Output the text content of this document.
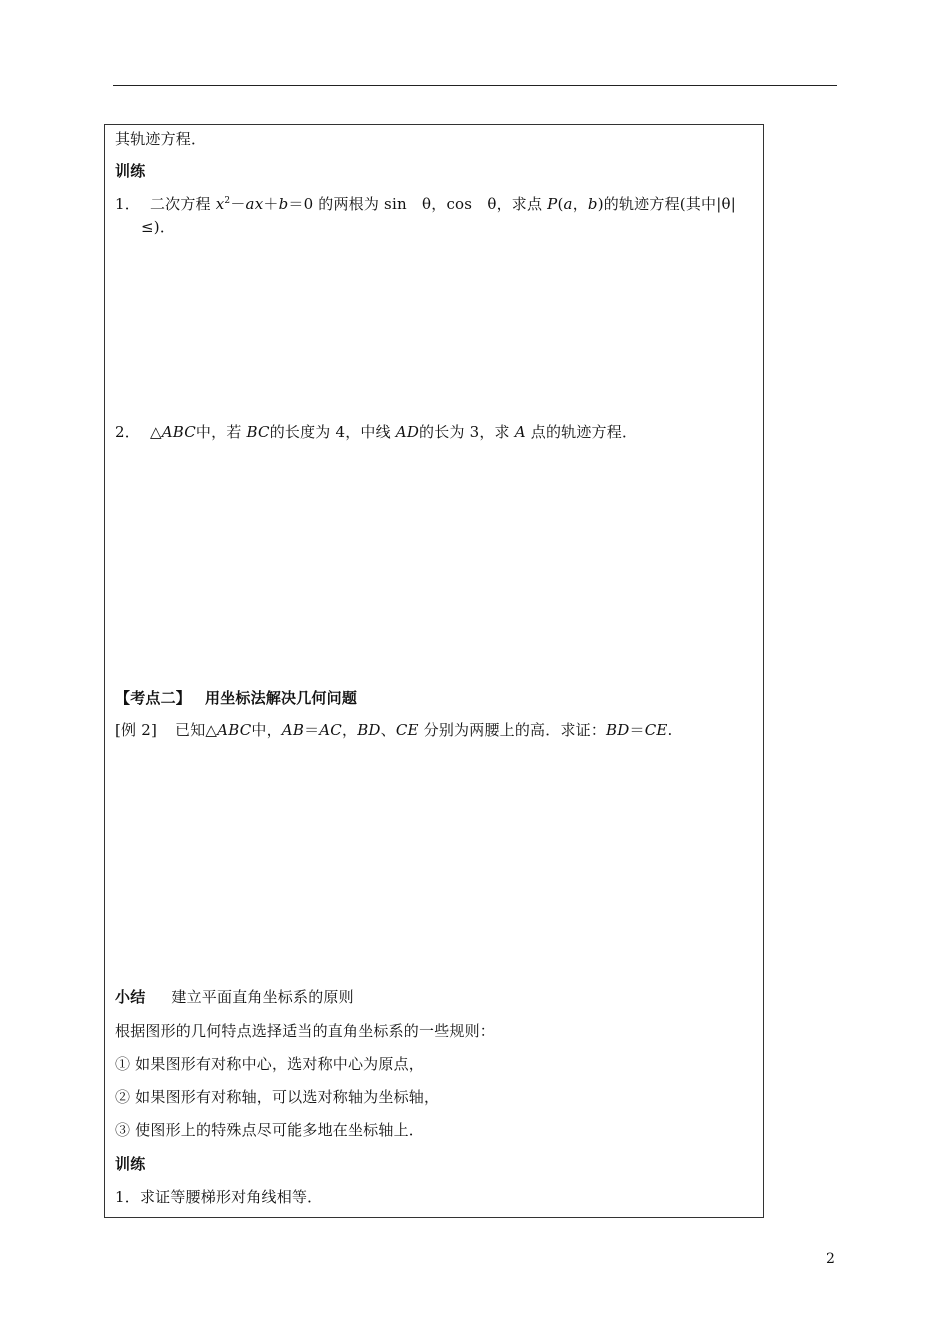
其轨迹方程．
训练
1． 二次方程 $x^2-ax+b=0$ 的两根为 sin　θ，cos　θ，求点 P(a，b)的轨迹方程(其中|θ|
≤)．
2． △ABC中，若 BC的长度为 4，中线 AD的长为 3，求 A 点的轨迹方程．
【考点二】 用坐标法解决几何问题
[例 2] 已知△ABC中，AB＝AC，BD、CE 分别为两腰上的高．求证：BD＝CE.
小结 建立平面直角坐标系的原则
根据图形的几何特点选择适当的直角坐标系的一些规则：
① 如果图形有对称中心，选对称中心为原点，
② 如果图形有对称轴，可以选对称轴为坐标轴，
③ 使图形上的特殊点尽可能多地在坐标轴上．
训练
1．求证等腰梯形对角线相等．
2
